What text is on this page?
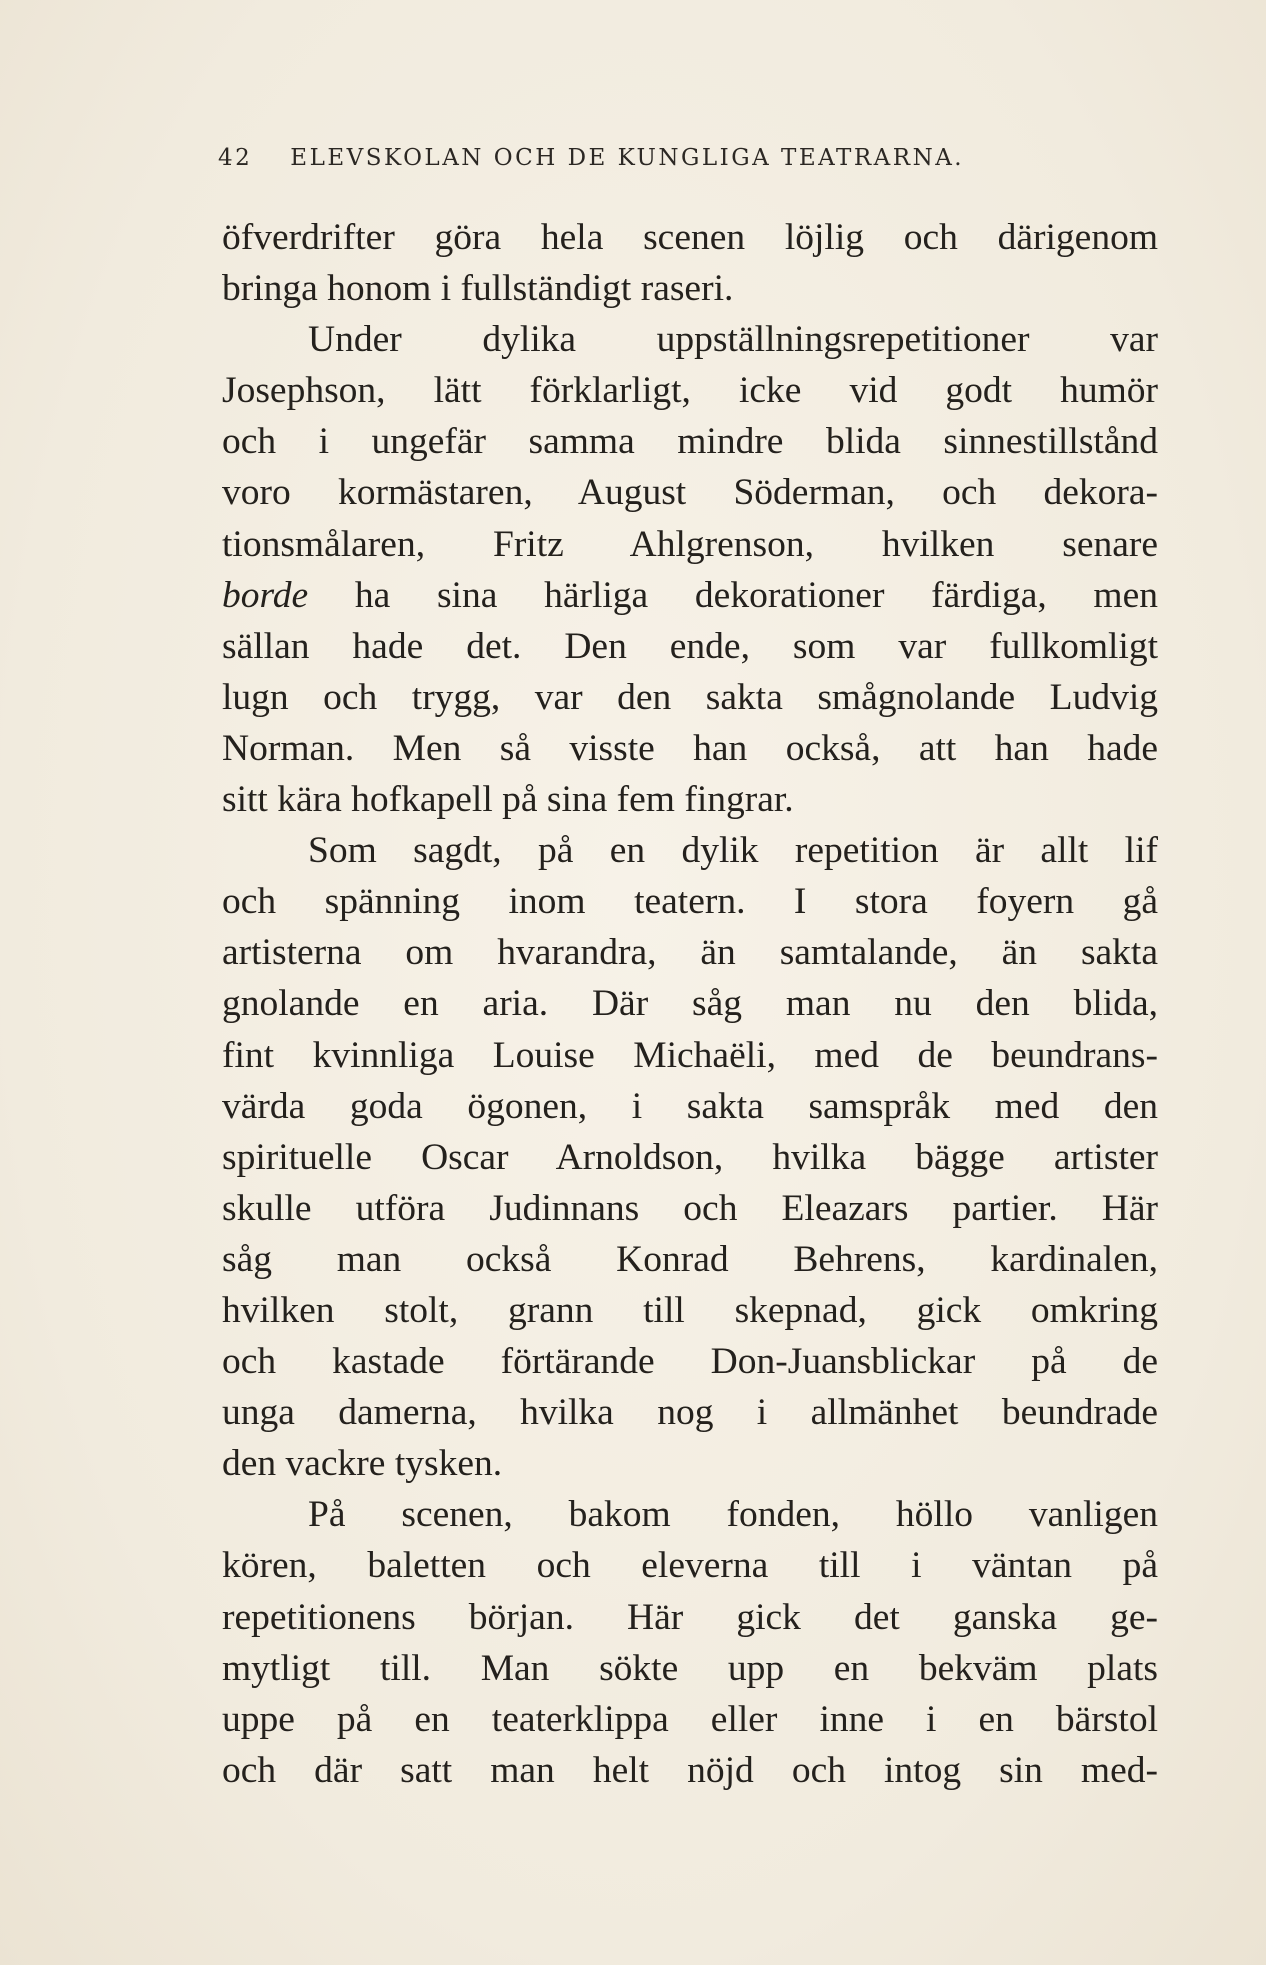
42 ELEVSKOLAN OCH DE KUNGLIGA TEATRARNA.
öfverdrifter göra hela scenen löjlig och därigenom
bringa honom i fullständigt raseri.
Under dylika uppställningsrepetitioner var
Josephson, lätt förklarligt, icke vid godt humör
och i ungefär samma mindre blida sinnestillstånd
voro kormästaren, August Söderman, och dekora-
tionsmålaren, Fritz Ahlgrenson, hvilken senare
borde ha sina härliga dekorationer färdiga, men
sällan hade det. Den ende, som var fullkomligt
lugn och trygg, var den sakta smågnolande Ludvig
Norman. Men så visste han också, att han hade
sitt kära hofkapell på sina fem fingrar.
Som sagdt, på en dylik repetition är allt lif
och spänning inom teatern. I stora foyern gå
artisterna om hvarandra, än samtalande, än sakta
gnolande en aria. Där såg man nu den blida,
fint kvinnliga Louise Michaëli, med de beundrans-
värda goda ögonen, i sakta samspråk med den
spirituelle Oscar Arnoldson, hvilka bägge artister
skulle utföra Judinnans och Eleazars partier. Här
såg man också Konrad Behrens, kardinalen,
hvilken stolt, grann till skepnad, gick omkring
och kastade förtärande Don-Juansblickar på de
unga damerna, hvilka nog i allmänhet beundrade
den vackre tysken.
På scenen, bakom fonden, höllo vanligen
kören, baletten och eleverna till i väntan på
repetitionens början. Här gick det ganska ge-
mytligt till. Man sökte upp en bekväm plats
uppe på en teaterklippa eller inne i en bärstol
och där satt man helt nöjd och intog sin med-
